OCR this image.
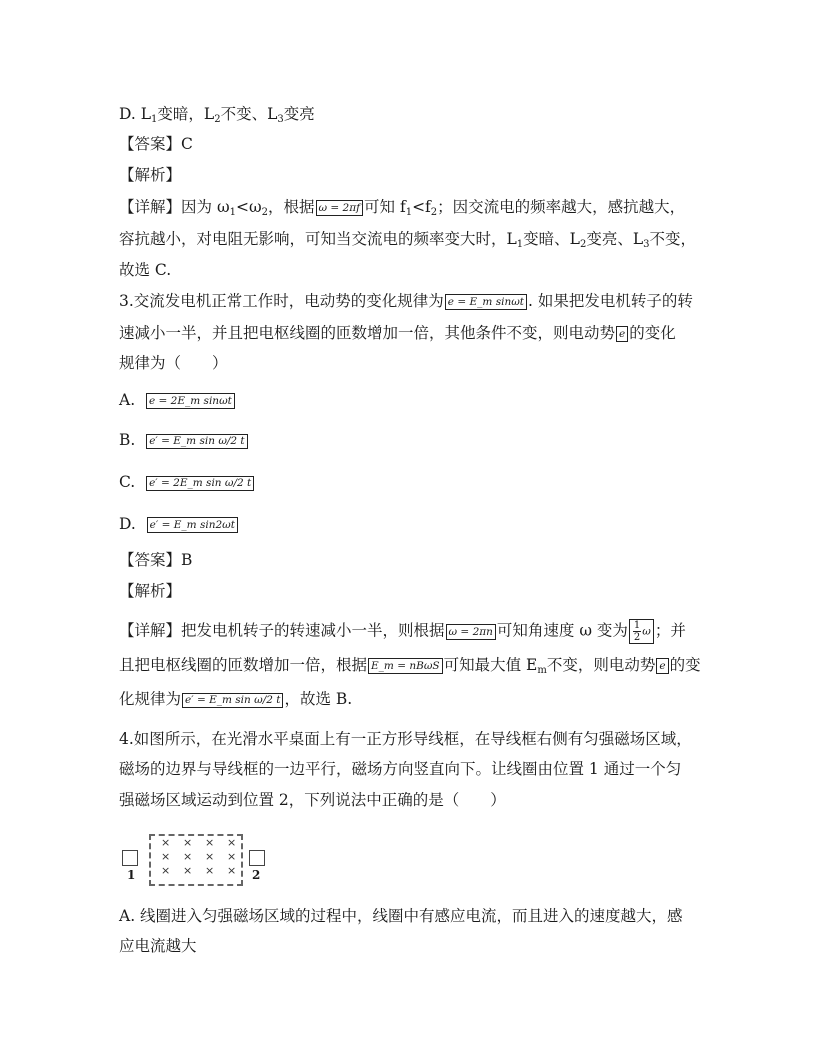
D. $L_1$变暗，$L_2$不变、$L_3$变亮
【答案】C
【解析】
【详解】因为 $\omega_1<\omega_2$，根据 ω = 2πf 可知 $f_1<f_2$；因交流电的频率越大，感抗越大，
容抗越小，对电阻无影响，可知当交流电的频率变大时，$L_1$变暗、$L_2$变亮、$L_3$不变，
故选 C.
3.交流发电机正常工作时，电动势的变化规律为 e = E_m sinωt . 如果把发电机转子的转
速减小一半，并且把电枢线圈的匝数增加一倍，其他条件不变，则电动势 e 的变化
规律为（　　）
A. e = 2E_m sinωt
B. e′ = E_m sin ω/2 t
C. e′ = 2E_m sin ω/2 t
D. e′ = E_m sin2ωt
【答案】B
【解析】
【详解】把发电机转子的转速减小一半，则根据 ω = 2πn 可知角速度 ω 变为 $\frac{1}{2}$ ω ；并
且把电枢线圈的匝数增加一倍，根据 E_m = nBωS 可知最大值 $E_m$不变，则电动势 e 的变
化规律为 e′ = E_m sin ω/2 t ，故选 B.
4.如图所示，在光滑水平桌面上有一正方形导线框，在导线框右侧有匀强磁场区域，
磁场的边界与导线框的一边平行，磁场方向竖直向下。让线圈由位置 1 通过一个匀
强磁场区域运动到位置 2，下列说法中正确的是（　　）
1
× × × ×
× × × ×
× × × × 2
A. 线圈进入匀强磁场区域的过程中，线圈中有感应电流，而且进入的速度越大，感
应电流越大
